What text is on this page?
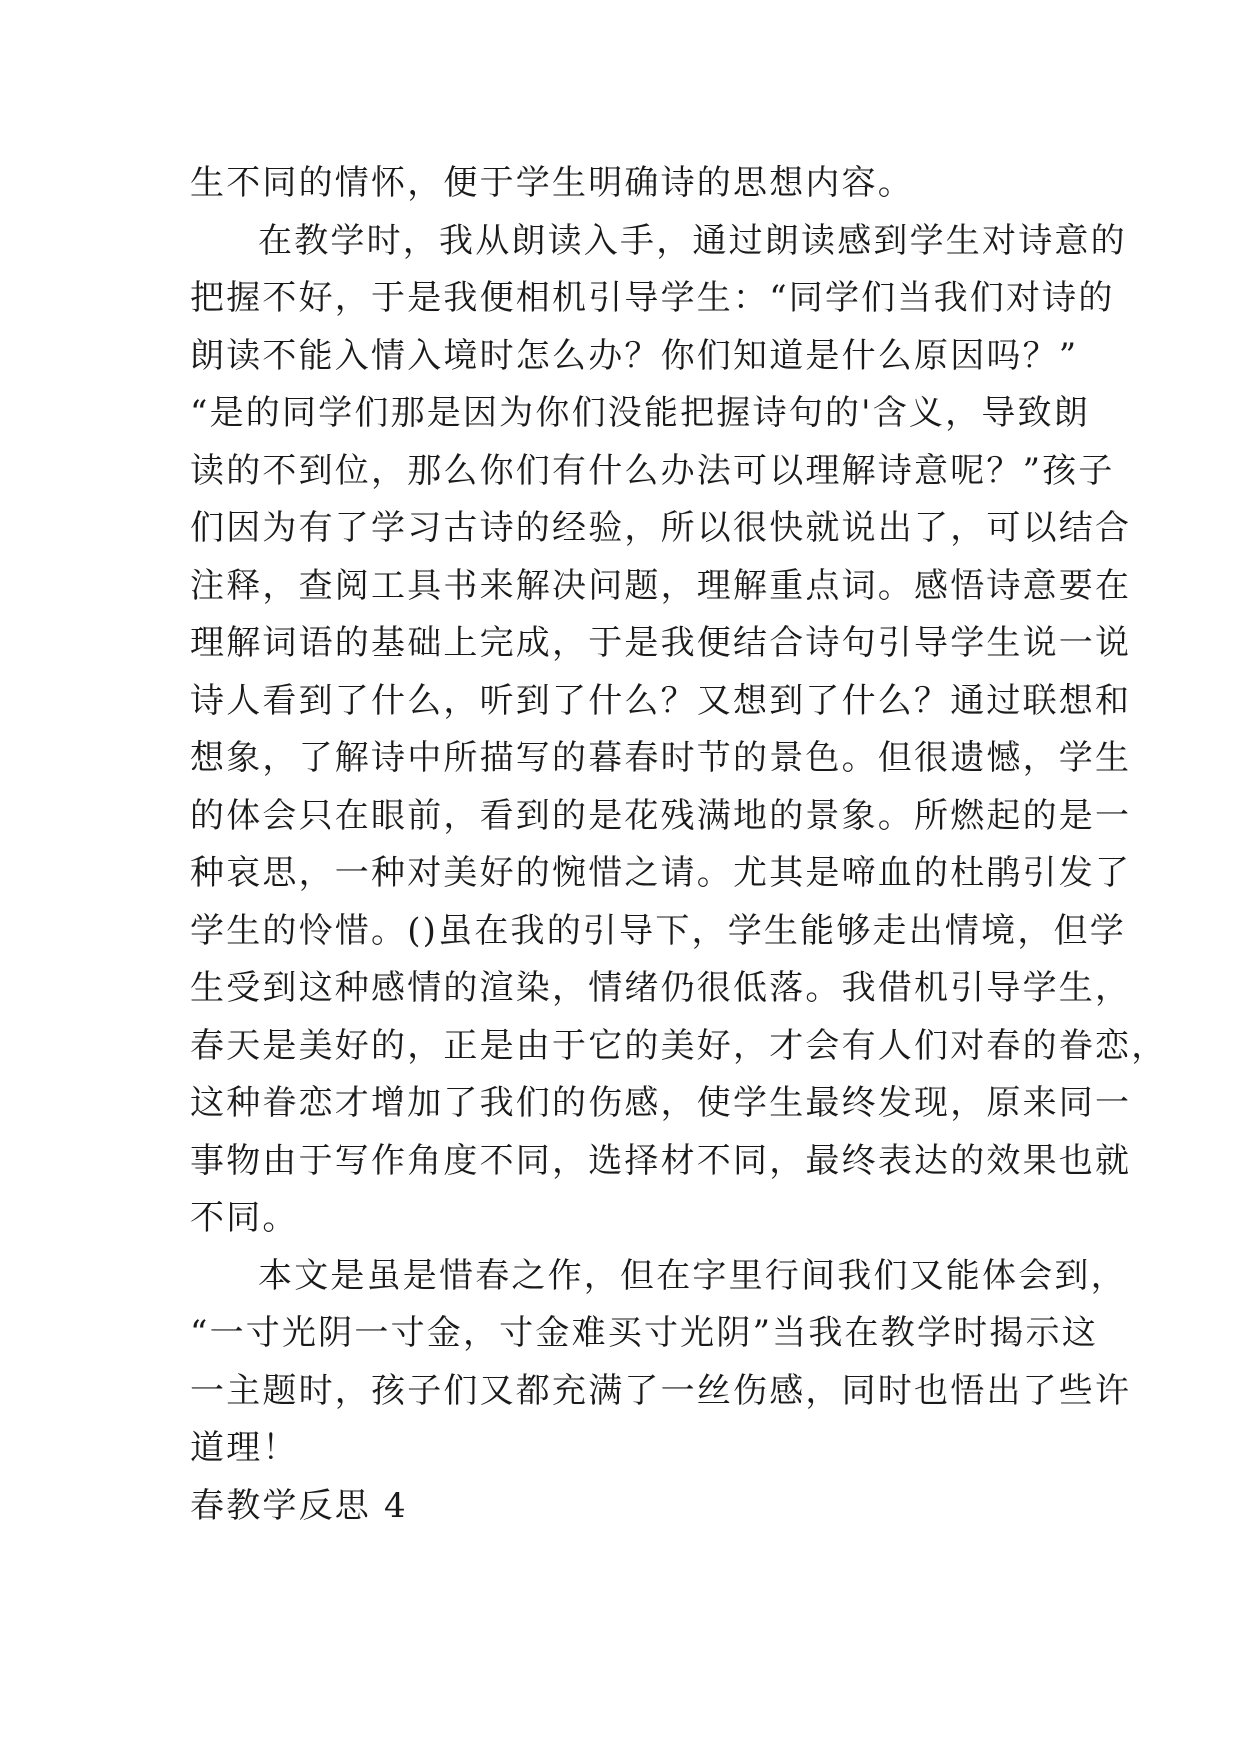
生不同的情怀，便于学生明确诗的思想内容。
在教学时，我从朗读入手，通过朗读感到学生对诗意的
把握不好，于是我便相机引导学生：“同学们当我们对诗的
朗读不能入情入境时怎么办？你们知道是什么原因吗？”
“是的同学们那是因为你们没能把握诗句的'含义，导致朗
读的不到位，那么你们有什么办法可以理解诗意呢？”孩子
们因为有了学习古诗的经验，所以很快就说出了，可以结合
注释，查阅工具书来解决问题，理解重点词。感悟诗意要在
理解词语的基础上完成，于是我便结合诗句引导学生说一说
诗人看到了什么，听到了什么？又想到了什么？通过联想和
想象，了解诗中所描写的暮春时节的景色。但很遗憾，学生
的体会只在眼前，看到的是花残满地的景象。所燃起的是一
种哀思，一种对美好的惋惜之请。尤其是啼血的杜鹃引发了
学生的怜惜。()虽在我的引导下，学生能够走出情境，但学
生受到这种感情的渲染，情绪仍很低落。我借机引导学生，
春天是美好的，正是由于它的美好，才会有人们对春的眷恋，
这种眷恋才增加了我们的伤感，使学生最终发现，原来同一
事物由于写作角度不同，选择材不同，最终表达的效果也就
不同。
本文是虽是惜春之作，但在字里行间我们又能体会到，
“一寸光阴一寸金，寸金难买寸光阴”当我在教学时揭示这
一主题时，孩子们又都充满了一丝伤感，同时也悟出了些许
道理！
春教学反思 4
